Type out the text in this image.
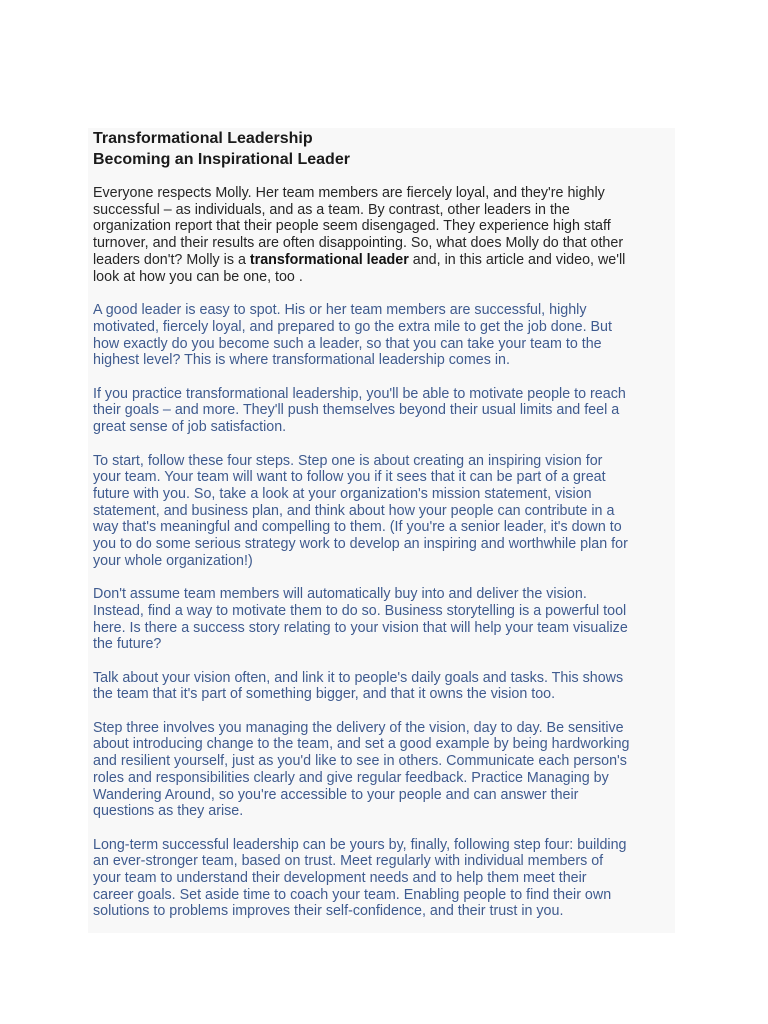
Transformational Leadership
Becoming an Inspirational Leader

Everyone respects Molly. Her team members are fiercely loyal, and they're highly
successful – as individuals, and as a team. By contrast, other leaders in the
organization report that their people seem disengaged. They experience high staff
turnover, and their results are often disappointing. So, what does Molly do that other
leaders don't? Molly is a transformational leader and, in this article and video, we'll
look at how you can be one, too .

A good leader is easy to spot. His or her team members are successful, highly
motivated, fiercely loyal, and prepared to go the extra mile to get the job done. But
how exactly do you become such a leader, so that you can take your team to the
highest level? This is where transformational leadership comes in.

If you practice transformational leadership, you'll be able to motivate people to reach
their goals – and more. They'll push themselves beyond their usual limits and feel a
great sense of job satisfaction.

To start, follow these four steps. Step one is about creating an inspiring vision for
your team. Your team will want to follow you if it sees that it can be part of a great
future with you. So, take a look at your organization's mission statement, vision
statement, and business plan, and think about how your people can contribute in a
way that's meaningful and compelling to them. (If you're a senior leader, it's down to
you to do some serious strategy work to develop an inspiring and worthwhile plan for
your whole organization!)

Don't assume team members will automatically buy into and deliver the vision.
Instead, find a way to motivate them to do so. Business storytelling is a powerful tool
here. Is there a success story relating to your vision that will help your team visualize
the future?

Talk about your vision often, and link it to people's daily goals and tasks. This shows
the team that it's part of something bigger, and that it owns the vision too.

Step three involves you managing the delivery of the vision, day to day. Be sensitive
about introducing change to the team, and set a good example by being hardworking
and resilient yourself, just as you'd like to see in others. Communicate each person's
roles and responsibilities clearly and give regular feedback. Practice Managing by
Wandering Around, so you're accessible to your people and can answer their
questions as they arise.

Long-term successful leadership can be yours by, finally, following step four: building
an ever-stronger team, based on trust. Meet regularly with individual members of
your team to understand their development needs and to help them meet their
career goals. Set aside time to coach your team. Enabling people to find their own
solutions to problems improves their self-confidence, and their trust in you.
